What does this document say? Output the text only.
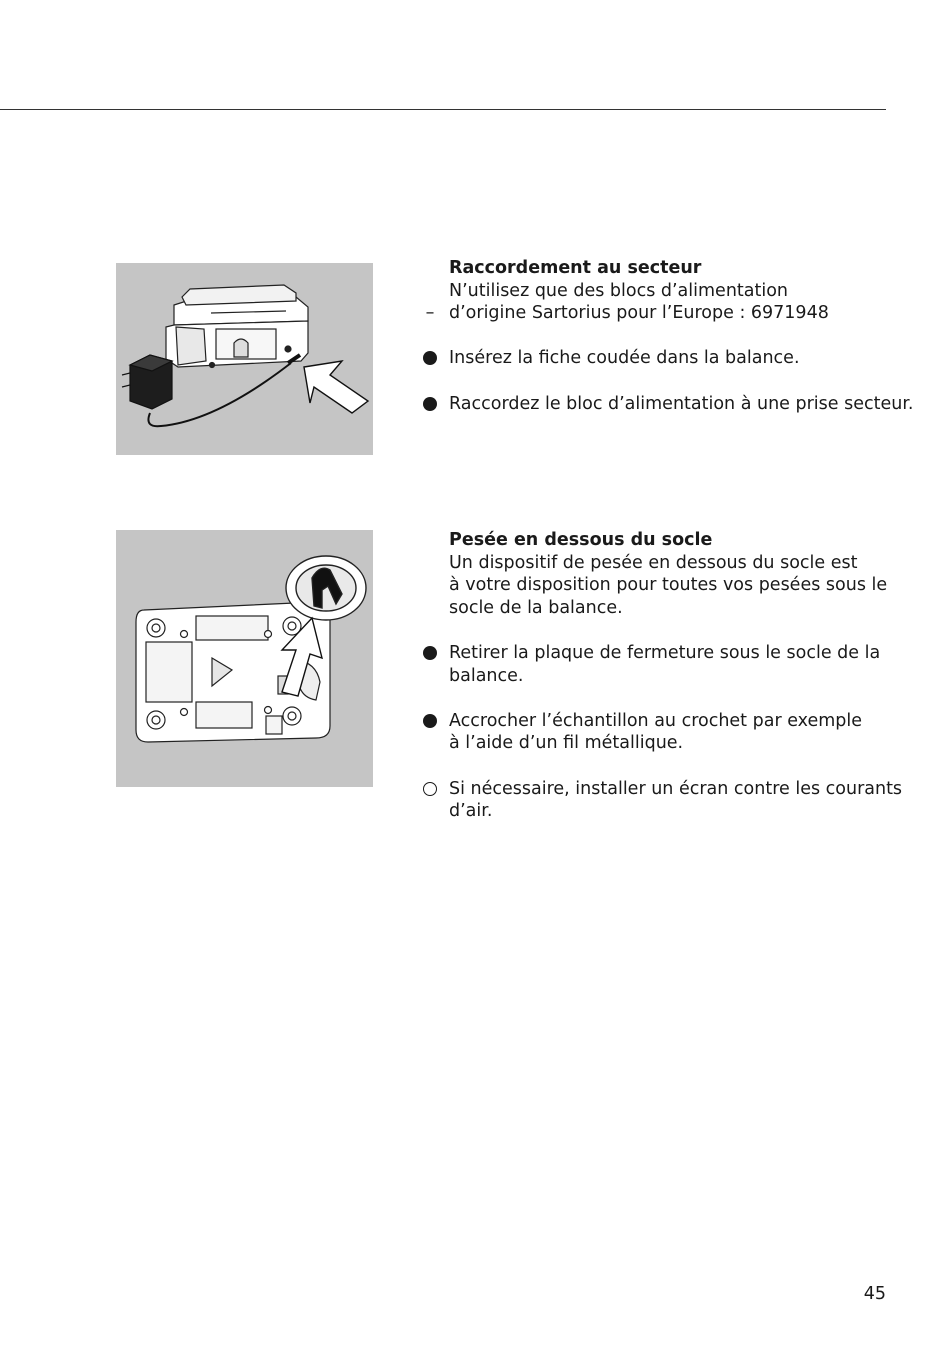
Raccordement au secteur
N’utilisez que des blocs d’alimentation
– d’origine Sartorius pour l’Europe : 6971948
Insérez la fiche coudée dans la balance.
Raccordez le bloc d’alimentation à une prise secteur.
Pesée en dessous du socle
Un dispositif de pesée en dessous du socle est
à votre disposition pour toutes vos pesées sous le
socle de la balance.
Retirer la plaque de fermeture sous le socle de la
balance.
Accrocher l’échantillon au crochet par exemple
à l’aide d’un fil métallique.
Si nécessaire, installer un écran contre les courants
d’air.
45
